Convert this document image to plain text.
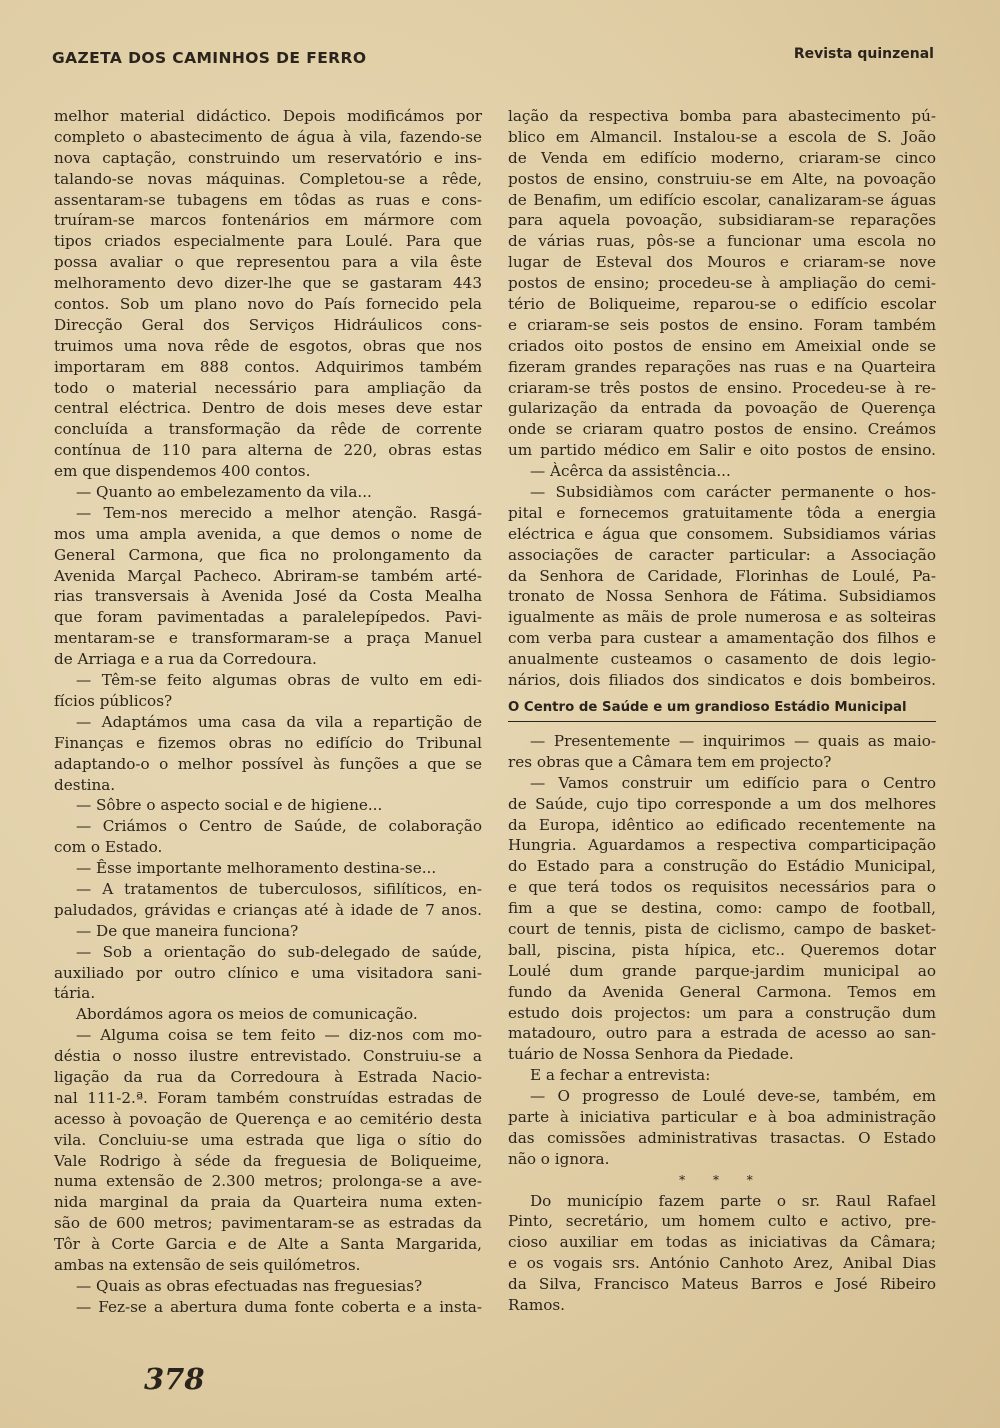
GAZETA DOS CAMINHOS DE FERRO	Revista quinzenal
melhor material didáctico. Depois modificámos por
completo o abastecimento de água à vila, fazendo-se
nova captação, construindo um reservatório e ins-
talando-se novas máquinas. Completou-se a rêde,
assentaram-se tubagens em tôdas as ruas e cons-
truíram-se marcos fontenários em mármore com
tipos criados especialmente para Loulé. Para que
possa avaliar o que representou para a vila êste
melhoramento devo dizer-lhe que se gastaram 443
contos. Sob um plano novo do País fornecido pela
Direcção Geral dos Serviços Hidráulicos cons-
truimos uma nova rêde de esgotos, obras que nos
importaram em 888 contos. Adquirimos também
todo o material necessário para ampliação da
central eléctrica. Dentro de dois meses deve estar
concluída a transformação da rêde de corrente
contínua de 110 para alterna de 220, obras estas
em que dispendemos 400 contos.
— Quanto ao embelezamento da vila...
— Tem-nos merecido a melhor atenção. Rasgá-
mos uma ampla avenida, a que demos o nome de
General Carmona, que fica no prolongamento da
Avenida Marçal Pacheco. Abriram-se também arté-
rias transversais à Avenida José da Costa Mealha
que foram pavimentadas a paralelepípedos. Pavi-
mentaram-se e transformaram-se a praça Manuel
de Arriaga e a rua da Corredoura.
— Têm-se feito algumas obras de vulto em edi-
fícios públicos?
— Adaptámos uma casa da vila a repartição de
Finanças e fizemos obras no edifício do Tribunal
adaptando-o o melhor possível às funções a que se
destina.
— Sôbre o aspecto social e de higiene...
— Criámos o Centro de Saúde, de colaboração
com o Estado.
— Êsse importante melhoramento destina-se...
— A tratamentos de tuberculosos, sifilíticos, en-
paludados, grávidas e crianças até à idade de 7 anos.
— De que maneira funciona?
— Sob a orientação do sub-delegado de saúde,
auxiliado por outro clínico e uma visitadora sani-
tária.
Abordámos agora os meios de comunicação.
— Alguma coisa se tem feito — diz-nos com mo-
déstia o nosso ilustre entrevistado. Construiu-se a
ligação da rua da Corredoura à Estrada Nacio-
nal 111-2.ª. Foram também construídas estradas de
acesso à povoação de Querença e ao cemitério desta
vila. Concluiu-se uma estrada que liga o sítio do
Vale Rodrigo à séde da freguesia de Boliqueime,
numa extensão de 2.300 metros; prolonga-se a ave-
nida marginal da praia da Quarteira numa exten-
são de 600 metros; pavimentaram-se as estradas da
Tôr à Corte Garcia e de Alte a Santa Margarida,
ambas na extensão de seis quilómetros.
— Quais as obras efectuadas nas freguesias?
— Fez-se a abertura duma fonte coberta e a insta-
lação da respectiva bomba para abastecimento pú-
blico em Almancil. Instalou-se a escola de S. João
de Venda em edifício moderno, criaram-se cinco
postos de ensino, construiu-se em Alte, na povoação
de Benafim, um edifício escolar, canalizaram-se águas
para aquela povoação, subsidiaram-se reparações
de várias ruas, pôs-se a funcionar uma escola no
lugar de Esteval dos Mouros e criaram-se nove
postos de ensino; procedeu-se à ampliação do cemi-
tério de Boliqueime, reparou-se o edifício escolar
e criaram-se seis postos de ensino. Foram também
criados oito postos de ensino em Ameixial onde se
fizeram grandes reparações nas ruas e na Quarteira
criaram-se três postos de ensino. Procedeu-se à re-
gularização da entrada da povoação de Querença
onde se criaram quatro postos de ensino. Creámos
um partido médico em Salir e oito postos de ensino.
— Àcêrca da assistência...
— Subsidiàmos com carácter permanente o hos-
pital e fornecemos gratuitamente tôda a energia
eléctrica e água que consomem. Subsidiamos várias
associações de caracter particular: a Associação
da Senhora de Caridade, Florinhas de Loulé, Pa-
tronato de Nossa Senhora de Fátima. Subsidiamos
igualmente as mãis de prole numerosa e as solteiras
com verba para custear a amamentação dos filhos e
anualmente custeamos o casamento de dois legio-
nários, dois filiados dos sindicatos e dois bombeiros.
O Centro de Saúde e um grandioso Estádio Municipal
— Presentemente — inquirimos — quais as maio-
res obras que a Câmara tem em projecto?
— Vamos construir um edifício para o Centro
de Saúde, cujo tipo corresponde a um dos melhores
da Europa, idêntico ao edificado recentemente na
Hungria. Aguardamos a respectiva comparticipação
do Estado para a construção do Estádio Municipal,
e que terá todos os requisitos necessários para o
fim a que se destina, como: campo de football,
court de tennis, pista de ciclismo, campo de basket-
ball, piscina, pista hípica, etc.. Queremos dotar
Loulé dum grande parque-jardim municipal ao
fundo da Avenida General Carmona. Temos em
estudo dois projectos: um para a construção dum
matadouro, outro para a estrada de acesso ao san-
tuário de Nossa Senhora da Piedade.
E a fechar a entrevista:
— O progresso de Loulé deve-se, também, em
parte à iniciativa particular e à boa administração
das comissões administrativas trasactas. O Estado
não o ignora.
* * *
Do município fazem parte o sr. Raul Rafael
Pinto, secretário, um homem culto e activo, pre-
cioso auxiliar em todas as iniciativas da Câmara;
e os vogais srs. António Canhoto Arez, Anibal Dias
da Silva, Francisco Mateus Barros e José Ribeiro
Ramos.
378
